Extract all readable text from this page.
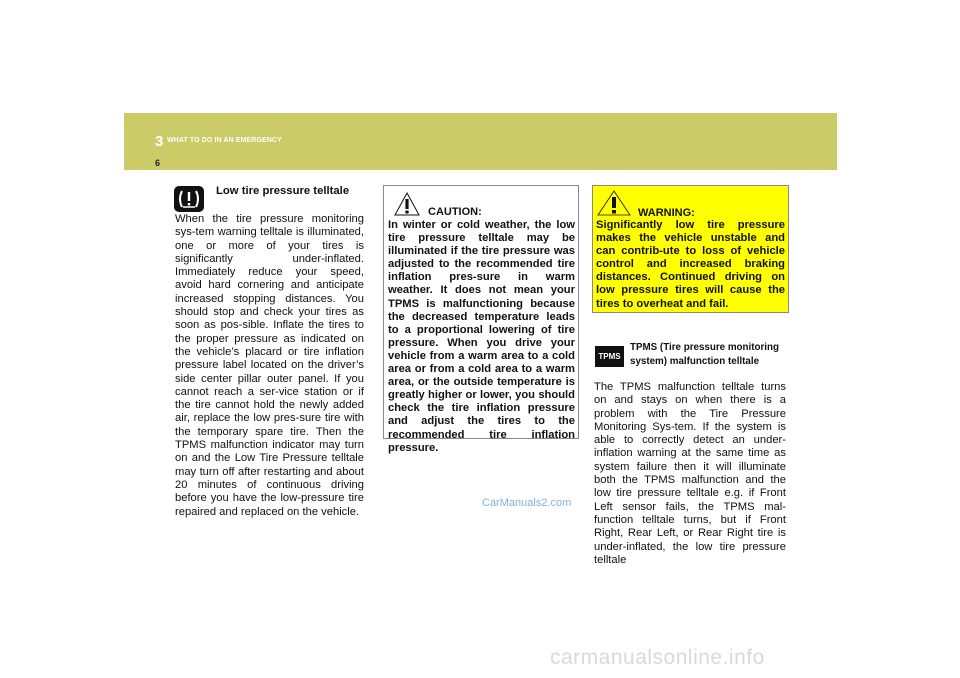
3 WHAT TO DO IN AN EMERGENCY
6
Low tire pressure telltale

When the tire pressure monitoring sys-tem warning telltale is illuminated, one or more of your tires is significantly under-inflated. Immediately reduce your speed, avoid hard cornering and anticipate increased stopping distances. You should stop and check your tires as soon as pos-sible. Inflate the tires to the proper pressure as indicated on the vehicle’s placard or tire inflation pressure label located on the driver’s side center pillar outer panel. If you cannot reach a ser-vice station or if the tire cannot hold the newly added air, replace the low pres-sure tire with the temporary spare tire. Then the TPMS malfunction indicator may turn on and the Low Tire Pressure telltale may turn off after restarting and about 20 minutes of continuous driving before you have the low-pressure tire repaired and replaced on the vehicle.

CAUTION:
In winter or cold weather, the low tire pressure telltale may be illuminated if the tire pressure was adjusted to the recommended tire inflation pres-sure in warm weather. It does not mean your TPMS is malfunctioning because the decreased temperature leads to a proportional lowering of tire pressure. When you drive your vehicle from a warm area to a cold area or from a cold area to a warm area, or the outside temperature is greatly higher or lower, you should check the tire inflation pressure and adjust the tires to the recommended tire inflation pressure.
WARNING:
Significantly low tire pressure makes the vehicle unstable and can contrib-ute to loss of vehicle control and increased braking distances. Continued driving on low pressure tires will cause the tires to overheat and fail.
TPMS
TPMS (Tire pressure monitoring
system) malfunction telltale

The TPMS malfunction telltale turns on and stays on when there is a problem with the Tire Pressure Monitoring Sys-tem. If the system is able to correctly detect an under-inflation warning at the same time as system failure then it will illuminate both the TPMS malfunction and the low tire pressure telltale e.g. if Front Left sensor fails, the TPMS mal-function telltale turns, but if Front Right, Rear Left, or Rear Right tire is under-inflated, the low tire pressure telltale

CarManuals2.com
carmanualsonline.info
